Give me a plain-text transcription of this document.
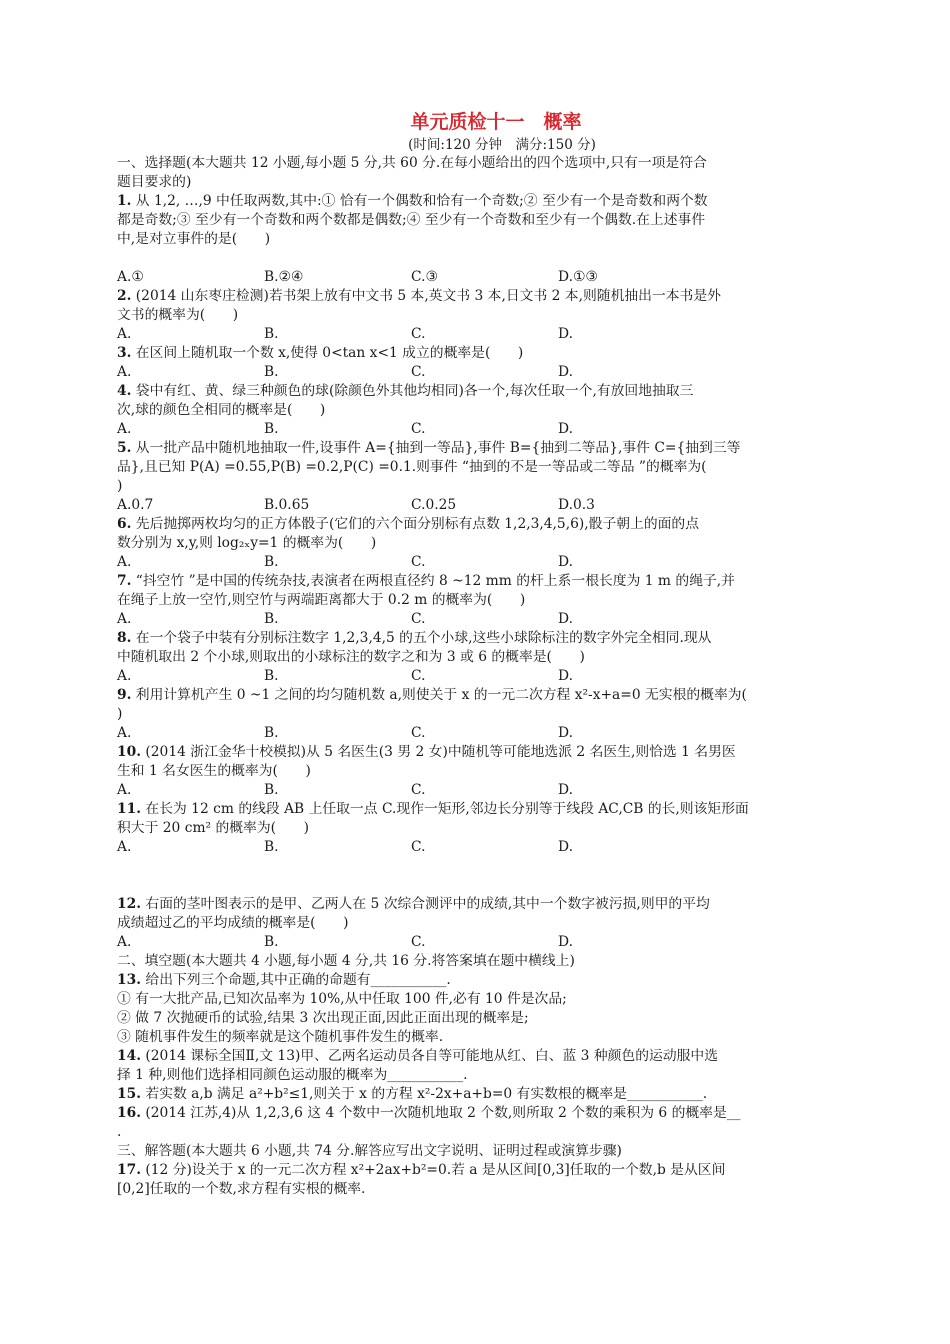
单元质检十一　概率
(时间:120 分钟　满分:150 分)
一、选择题(本大题共 12 小题,每小题 5 分,共 60 分.在每小题给出的四个选项中,只有一项是符合
题目要求的)
1. 从 1,2, …,9 中任取两数,其中:① 恰有一个偶数和恰有一个奇数;② 至少有一个是奇数和两个数
都是奇数;③ 至少有一个奇数和两个数都是偶数;④ 至少有一个奇数和至少有一个偶数.在上述事件
中,是对立事件的是(　　)
A.①	B.②④	C.③	D.①③
2. (2014 山东枣庄检测)若书架上放有中文书 5 本,英文书 3 本,日文书 2 本,则随机抽出一本书是外
文书的概率为(　　)
A.	B.	C.	D.
3. 在区间上随机取一个数 x,使得 0<tan x<1 成立的概率是(　　)
A.	B.	C.	D.
4. 袋中有红、黄、绿三种颜色的球(除颜色外其他均相同)各一个,每次任取一个,有放回地抽取三
次,球的颜色全相同的概率是(　　)
A.	B.	C.	D.
5. 从一批产品中随机地抽取一件,设事件 A={抽到一等品},事件 B={抽到二等品},事件 C={抽到三等
品},且已知 P(A) =0.55,P(B) =0.2,P(C) =0.1.则事件 “抽到的不是一等品或二等品 ”的概率为(
)
A.0.7	B.0.65	C.0.25	D.0.3
6. 先后抛掷两枚均匀的正方体骰子(它们的六个面分别标有点数 1,2,3,4,5,6),骰子朝上的面的点
数分别为 x,y,则 log₂ₓy=1 的概率为(　　)
A.	B.	C.	D.
7. “抖空竹 ”是中国的传统杂技,表演者在两根直径约 8 ~12 mm 的杆上系一根长度为 1 m 的绳子,并
在绳子上放一空竹,则空竹与两端距离都大于 0.2 m 的概率为(　　)
A.	B.	C.	D.
8. 在一个袋子中装有分别标注数字 1,2,3,4,5 的五个小球,这些小球除标注的数字外完全相同.现从
中随机取出 2 个小球,则取出的小球标注的数字之和为 3 或 6 的概率是(　　)
A.	B.	C.	D.
9. 利用计算机产生 0 ~1 之间的均匀随机数 a,则使关于 x 的一元二次方程 x²-x+a=0 无实根的概率为(
)
A.	B.	C.	D.
10. (2014 浙江金华十校模拟)从 5 名医生(3 男 2 女)中随机等可能地选派 2 名医生,则恰选 1 名男医
生和 1 名女医生的概率为(　　)
A.	B.	C.	D.
11. 在长为 12 cm 的线段 AB 上任取一点 C.现作一矩形,邻边长分别等于线段 AC,CB 的长,则该矩形面
积大于 20 cm² 的概率为(　　)
A.	B.	C.	D.
12. 右面的茎叶图表示的是甲、乙两人在 5 次综合测评中的成绩,其中一个数字被污损,则甲的平均
成绩超过乙的平均成绩的概率是(　　)
A.	B.	C.	D.
二、填空题(本大题共 4 小题,每小题 4 分,共 16 分.将答案填在题中横线上)
13. 给出下列三个命题,其中正确的命题有___________.
① 有一大批产品,已知次品率为 10%,从中任取 100 件,必有 10 件是次品;
② 做 7 次抛硬币的试验,结果 3 次出现正面,因此正面出现的概率是;
③ 随机事件发生的频率就是这个随机事件发生的概率.
14. (2014 课标全国Ⅱ,文 13)甲、乙两名运动员各自等可能地从红、白、蓝 3 种颜色的运动服中选
择 1 种,则他们选择相同颜色运动服的概率为___________.
15. 若实数 a,b 满足 a²+b²≤1,则关于 x 的方程 x²-2x+a+b=0 有实数根的概率是___________.
16. (2014 江苏,4)从 1,2,3,6 这 4 个数中一次随机地取 2 个数,则所取 2 个数的乘积为 6 的概率是__
.
三、解答题(本大题共 6 小题,共 74 分.解答应写出文字说明、证明过程或演算步骤)
17. (12 分)设关于 x 的一元二次方程 x²+2ax+b²=0.若 a 是从区间[0,3]任取的一个数,b 是从区间
[0,2]任取的一个数,求方程有实根的概率.
